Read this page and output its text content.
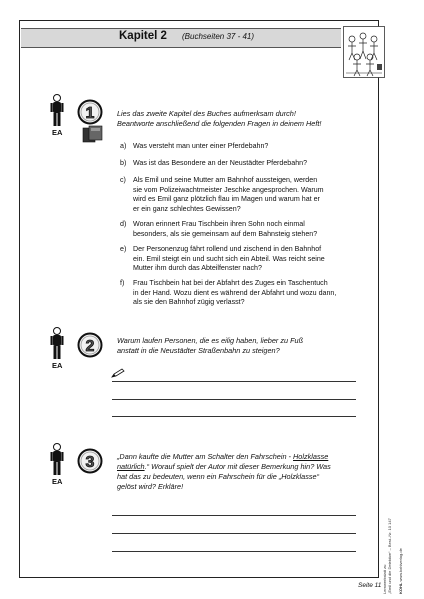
Kapitel 2 (Buchseiten 37 - 41)
EA
1	Lies das zweite Kapitel des Buches aufmerksam durch!
Beantworte anschließend die folgenden Fragen in deinem Heft!
a) Was versteht man unter einer Pferdebahn?
b) Was ist das Besondere an der Neustädter Pferdebahn?
c) Als Emil und seine Mutter am Bahnhof aussteigen, werden
sie vom Polizeiwachtmeister Jeschke angesprochen. Warum
wird es Emil ganz plötzlich flau im Magen und warum hat er
er ein ganz schlechtes Gewissen?
d) Woran erinnert Frau Tischbein ihren Sohn noch einmal
besonders, als sie gemeinsam auf dem Bahnsteig stehen?
e) Der Personenzug fährt rollend und zischend in den Bahnhof
ein. Emil steigt ein und sucht sich ein Abteil. Was reicht seine
Mutter ihm durch das Abteilfenster nach?
f)	Frau Tischbein hat bei der Abfahrt des Zuges ein Taschentuch
in der Hand. Wozu dient es während der Abfahrt und wozu dann,
als sie den Bahnhof zügig verlasst?
EA
2	Warum laufen Personen, die es eilig haben, lieber zu Fuß
anstatt in die Neustädter Straßenbahn zu steigen?
EA
3	„Dann kaufte die Mutter am Schalter den Fahrschein - Holzklasse
natürlich.“ Worauf spielt der Autor mit dieser Bemerkung hin? Was
hat das zu bedeuten, wenn ein Fahrschein für die „Holzklasse“
gelöst wird? Erkläre!
Lernwerkstatt zu „Emil und die Detektive“ – Best.-Nr. 10 147 KOHL www.kohlverlag.de
Seite 11
